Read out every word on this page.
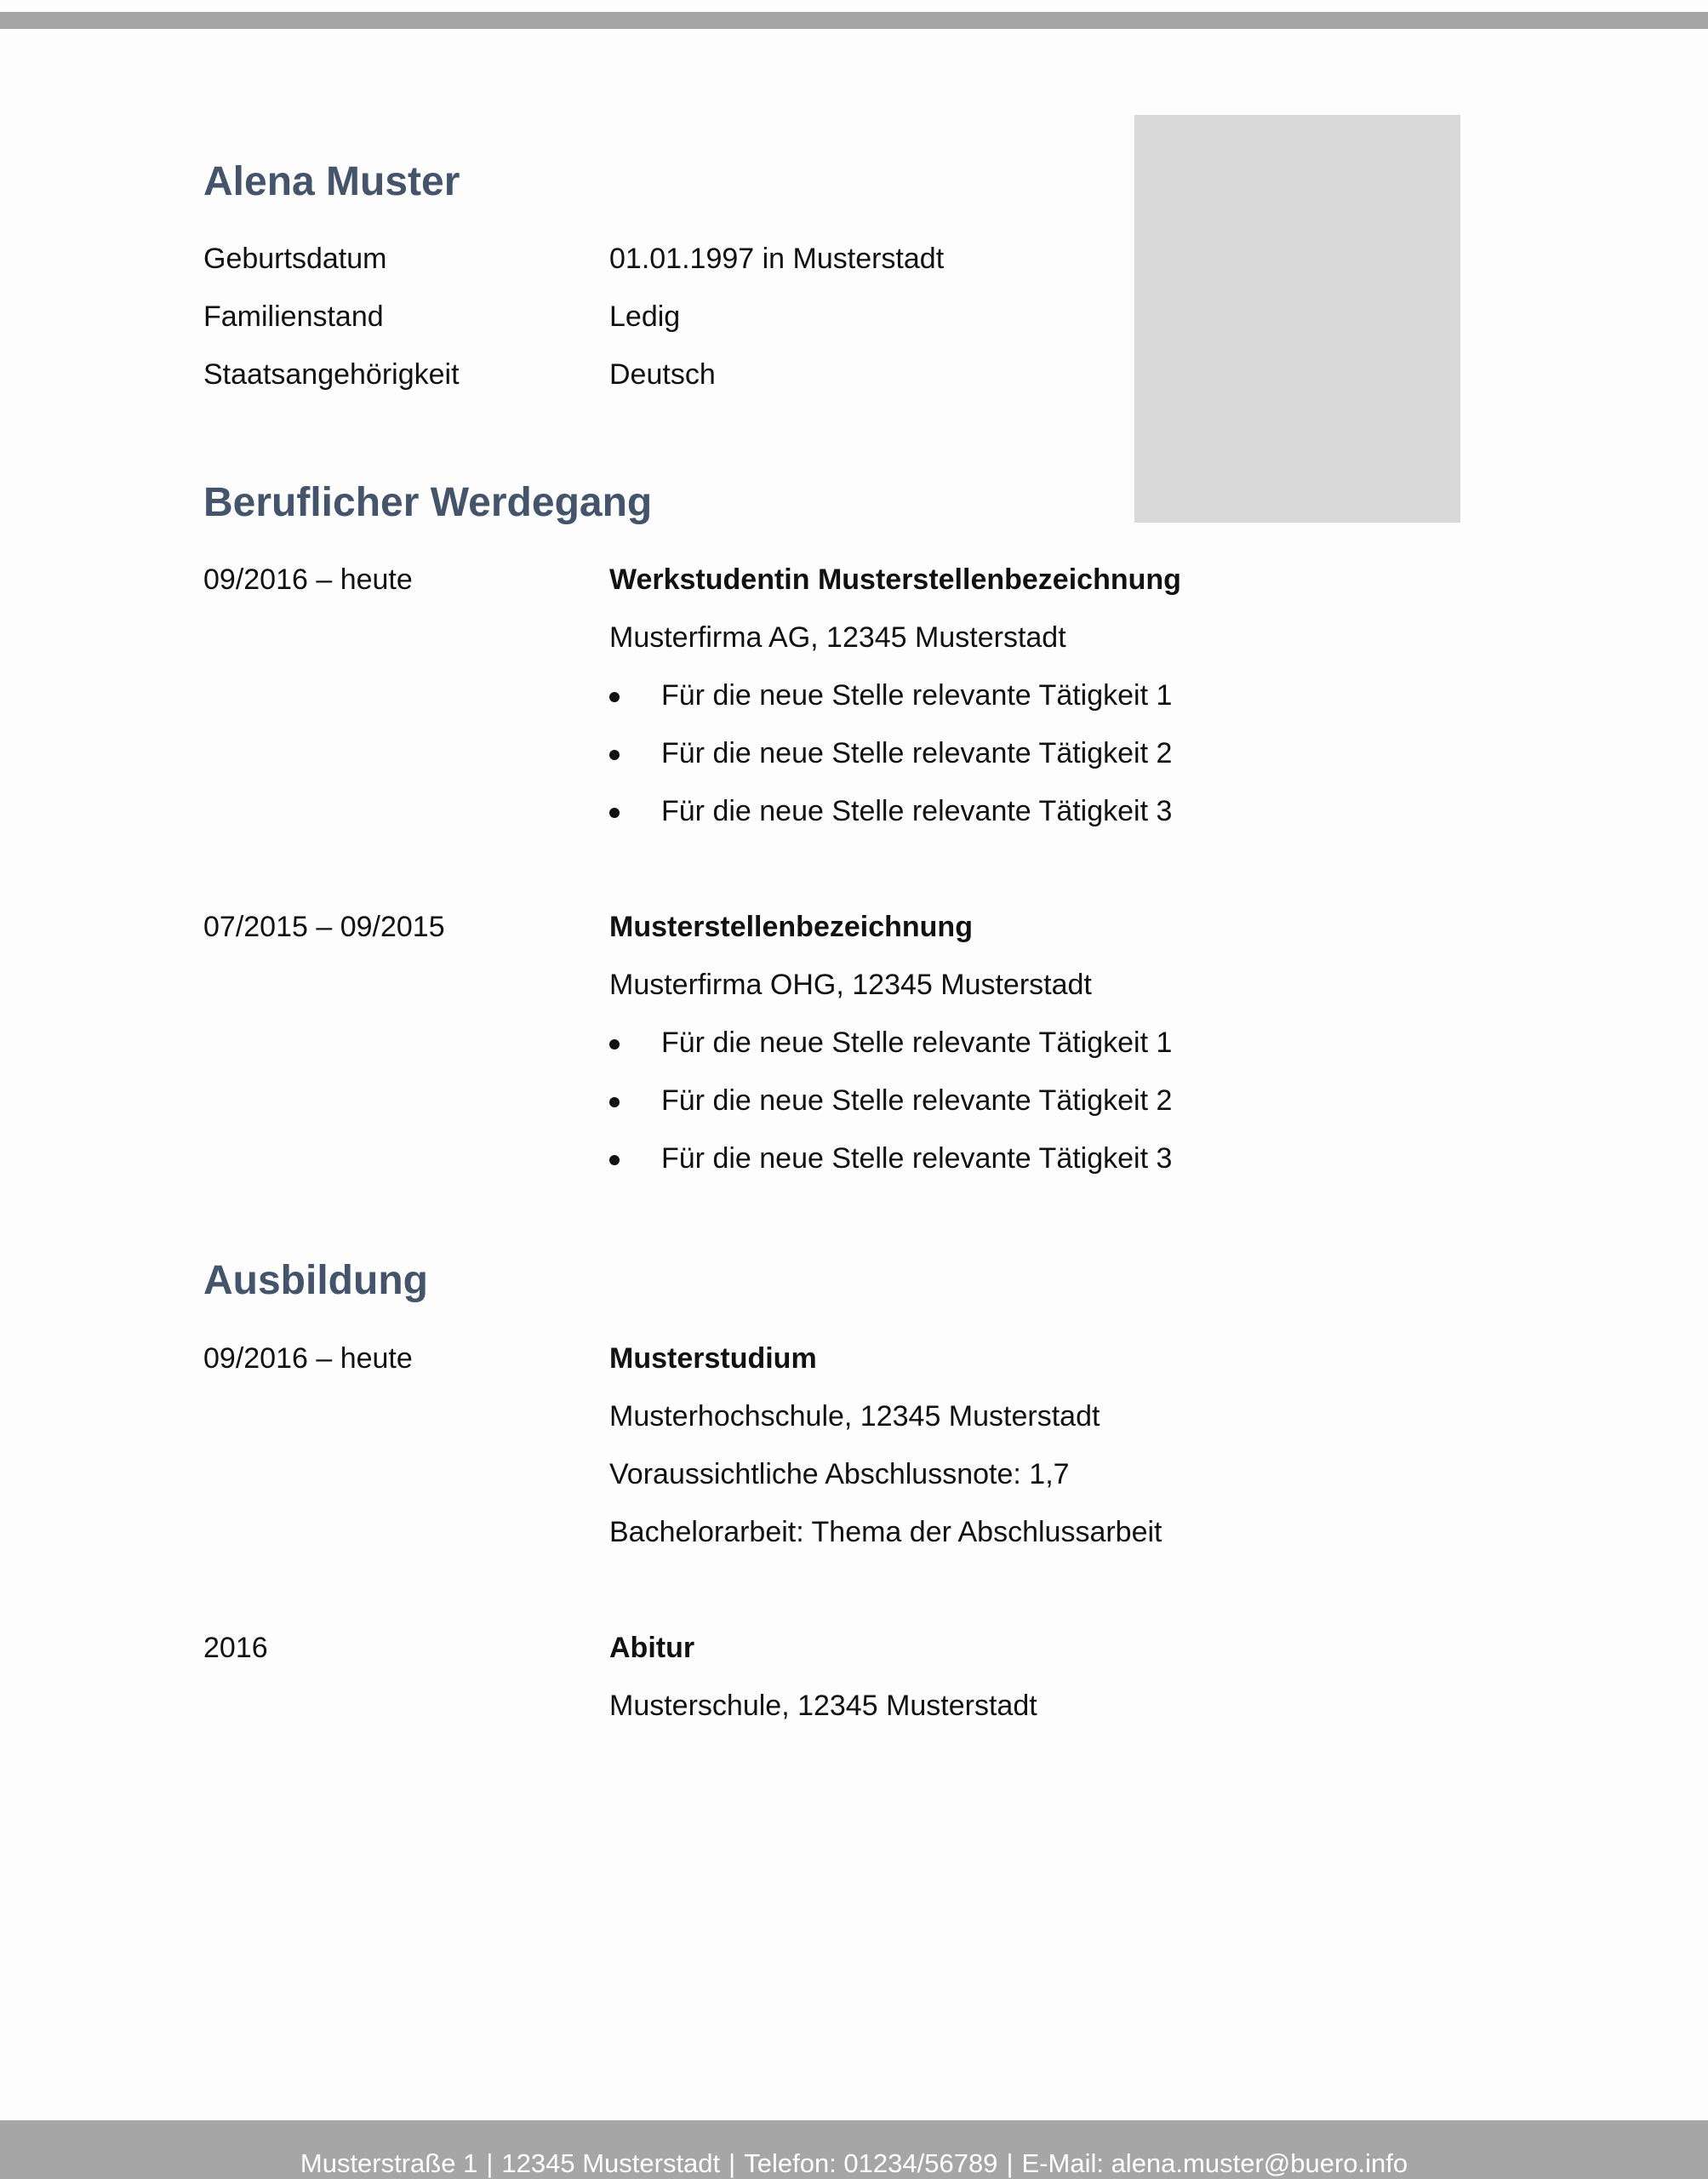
Alena Muster
Geburtsdatum	01.01.1997 in Musterstadt
Familienstand	Ledig
Staatsangehörigkeit	Deutsch
Beruflicher Werdegang
09/2016 – heute	Werkstudentin Musterstellenbezeichnung
Musterfirma AG, 12345 Musterstadt
Für die neue Stelle relevante Tätigkeit 1
Für die neue Stelle relevante Tätigkeit 2
Für die neue Stelle relevante Tätigkeit 3
07/2015 – 09/2015	Musterstellenbezeichnung
Musterfirma OHG, 12345 Musterstadt
Für die neue Stelle relevante Tätigkeit 1
Für die neue Stelle relevante Tätigkeit 2
Für die neue Stelle relevante Tätigkeit 3
Ausbildung
09/2016 – heute	Musterstudium
Musterhochschule, 12345 Musterstadt
Voraussichtliche Abschlussnote: 1,7
Bachelorarbeit: Thema der Abschlussarbeit
2016	Abitur
Musterschule, 12345 Musterstadt
Musterstraße 1 | 12345 Musterstadt | Telefon: 01234/56789 | E-Mail: alena.muster@buero.info
